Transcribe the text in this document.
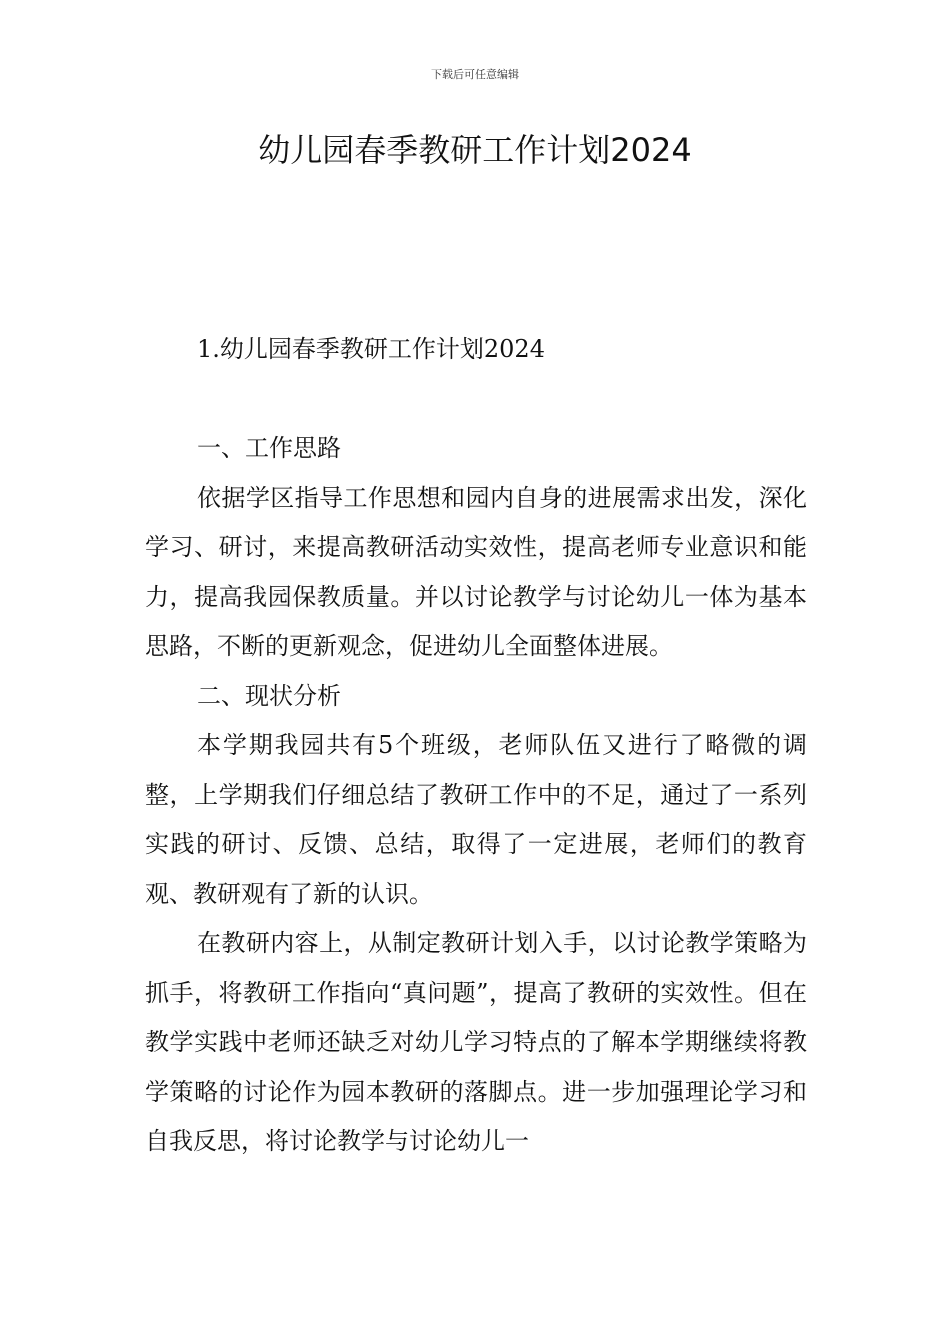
下载后可任意编辑
幼儿园春季教研工作计划2024
1.幼儿园春季教研工作计划2024

一、工作思路

依据学区指导工作思想和园内自身的进展需求出发，深化学习、研讨，来提高教研活动实效性，提高老师专业意识和能力，提高我园保教质量。并以讨论教学与讨论幼儿一体为基本思路，不断的更新观念，促进幼儿全面整体进展。

二、现状分析

本学期我园共有5个班级，老师队伍又进行了略微的调整，上学期我们仔细总结了教研工作中的不足，通过了一系列实践的研讨、反馈、总结，取得了一定进展，老师们的教育观、教研观有了新的认识。

在教研内容上，从制定教研计划入手，以讨论教学策略为抓手，将教研工作指向“真问题”，提高了教研的实效性。但在教学实践中老师还缺乏对幼儿学习特点的了解本学期继续将教学策略的讨论作为园本教研的落脚点。进一步加强理论学习和自我反思，将讨论教学与讨论幼儿一
